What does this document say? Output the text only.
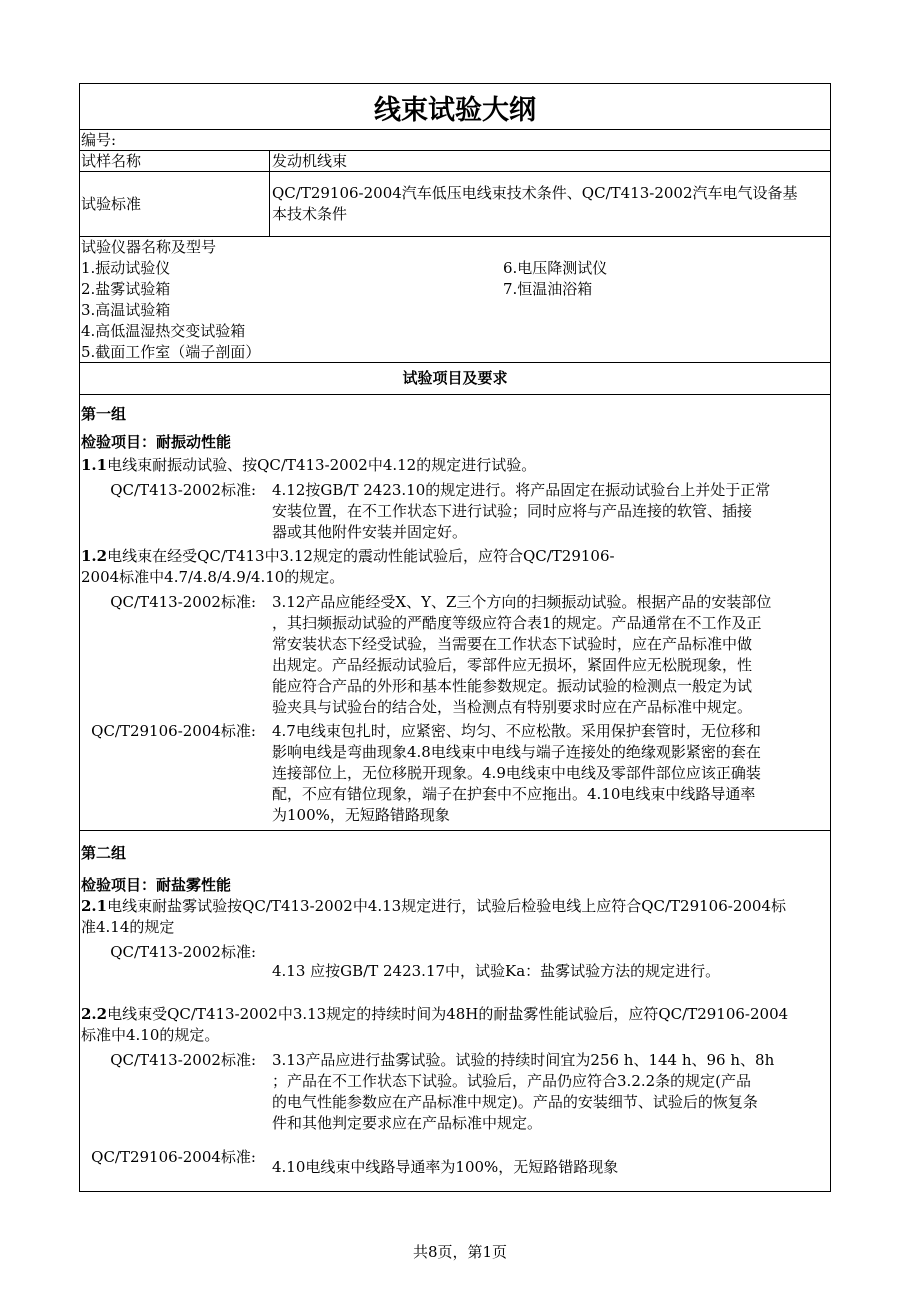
线束试验大纲
编号:
试样名称	发动机线束
试验标准
QC/T29106-2004汽车低压电线束技术条件、QC/T413-2002汽车电气设备基
本技术条件
试验仪器名称及型号
1.振动试验仪
2.盐雾试验箱
3.高温试验箱
4.高低温湿热交变试验箱
5.截面工作室（端子剖面）
6.电压降测试仪
7.恒温油浴箱
试验项目及要求
第一组
检验项目：耐振动性能
1.1电线束耐振动试验、按QC/T413-2002中4.12的规定进行试验。
QC/T413-2002标准: 4.12按GB/T 2423.10的规定进行。将产品固定在振动试验台上并处于正常
安装位置，在不工作状态下进行试验；同时应将与产品连接的软管、插接
器或其他附件安装并固定好。
1.2电线束在经受QC/T413中3.12规定的震动性能试验后，应符合QC/T29106-
2004标准中4.7/4.8/4.9/4.10的规定。
QC/T413-2002标准: 3.12产品应能经受X、Y、Z三个方向的扫频振动试验。根据产品的安装部位
，其扫频振动试验的严酷度等级应符合表1的规定。产品通常在不工作及正
常安装状态下经受试验，当需要在工作状态下试验时，应在产品标准中做
出规定。产品经振动试验后，零部件应无损坏，紧固件应无松脱现象，性
能应符合产品的外形和基本性能参数规定。振动试验的检测点一般定为试
验夹具与试验台的结合处，当检测点有特别要求时应在产品标准中规定。
QC/T29106-2004标准: 4.7电线束包扎时，应紧密、均匀、不应松散。采用保护套管时，无位移和
影响电线是弯曲现象4.8电线束中电线与端子连接处的绝缘观影紧密的套在
连接部位上，无位移脱开现象。4.9电线束中电线及零部件部位应该正确装
配，不应有错位现象，端子在护套中不应拖出。4.10电线束中线路导通率
为100%，无短路错路现象
第二组
检验项目：耐盐雾性能
2.1电线束耐盐雾试验按QC/T413-2002中4.13规定进行，试验后检验电线上应符合QC/T29106-2004标
准4.14的规定
QC/T413-2002标准:
4.13 应按GB/T 2423.17中，试验Ka：盐雾试验方法的规定进行。
2.2电线束受QC/T413-2002中3.13规定的持续时间为48H的耐盐雾性能试验后，应符QC/T29106-2004
标准中4.10的规定。
QC/T413-2002标准: 3.13产品应进行盐雾试验。试验的持续时间宜为256 h、144 h、96 h、8h
；产品在不工作状态下试验。试验后，产品仍应符合3.2.2条的规定(产品
的电气性能参数应在产品标准中规定)。产品的安装细节、试验后的恢复条
件和其他判定要求应在产品标准中规定。
QC/T29106-2004标准:
4.10电线束中线路导通率为100%，无短路错路现象
共8页，第1页
